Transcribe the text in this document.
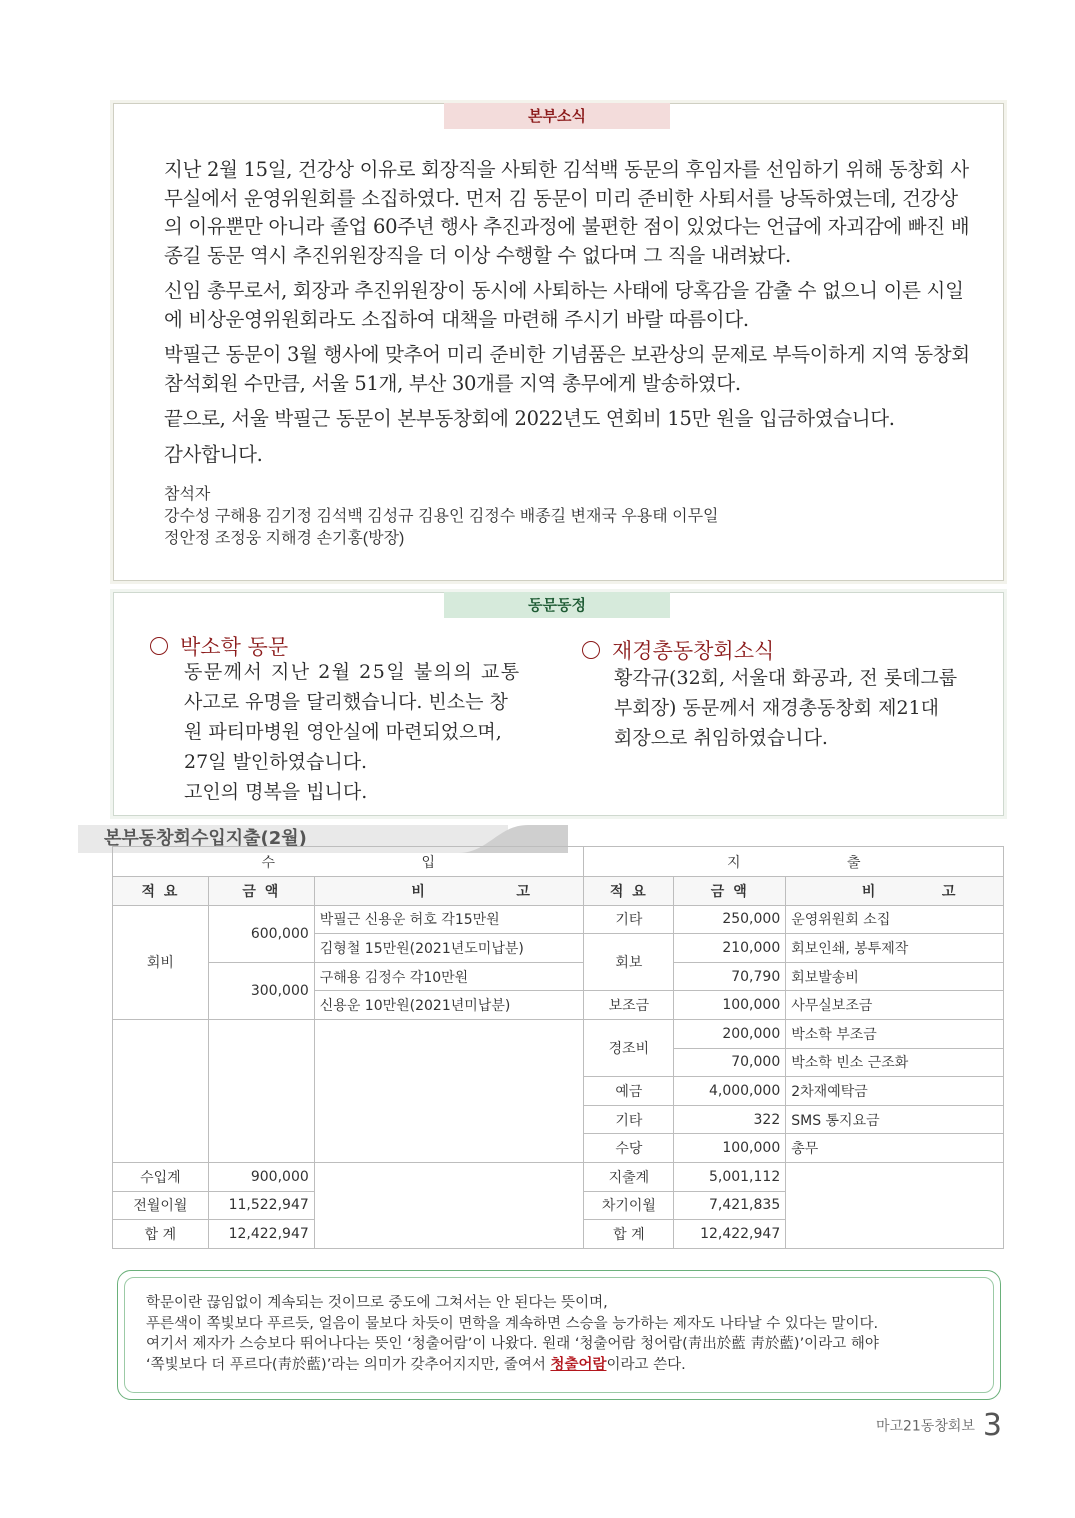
본부소식

지난 2월 15일, 건강상 이유로 회장직을 사퇴한 김석백 동문의 후임자를 선임하기 위해 동창회 사무실에서 운영위원회를 소집하였다. 먼저 김 동문이 미리 준비한 사퇴서를 낭독하였는데, 건강상의 이유뿐만 아니라 졸업 60주년 행사 추진과정에 불편한 점이 있었다는 언급에 자괴감에 빠진 배종길 동문 역시 추진위원장직을 더 이상 수행할 수 없다며 그 직을 내려놨다.

신임 총무로서, 회장과 추진위원장이 동시에 사퇴하는 사태에 당혹감을 감출 수 없으니 이른 시일에 비상운영위원회라도 소집하여 대책을 마련해 주시기 바랄 따름이다.

박필근 동문이 3월 행사에 맞추어 미리 준비한 기념품은 보관상의 문제로 부득이하게 지역 동창회 참석회원 수만큼, 서울 51개, 부산 30개를 지역 총무에게 발송하였다.

끝으로, 서울 박필근 동문이 본부동창회에 2022년도 연회비 15만 원을 입금하였습니다.

감사합니다.

참석자
강수성 구해용 김기정 김석백 김성규 김용인 김정수 배종길 변재국 우용태 이무일
정안정 조정웅 지해경 손기홍(방장)
동문동정
박소학 동문
동문께서 지난 2월 25일 불의의 교통
사고로 유명을 달리했습니다. 빈소는 창
원 파티마병원 영안실에 마련되었으며,
27일 발인하였습니다.
고인의 명복을 빕니다.
재경총동창회소식
황각규(32회, 서울대 화공과, 전 롯데그룹
부회장) 동문께서 재경총동창회 제21대
회장으로 취임하였습니다.
본부동창회수입지출(2월)
수 입			지 출		
적 요	금 액	비 고	적 요	금 액	비 고
회비	600,000	박필근 신용운 허호 각15만원	기타	250,000	운영위원회 소집
		김형철 15만원(2021년도미납분)	회보	210,000	회보인쇄, 봉투제작
	300,000	구해용 김정수 각10만원		70,790	회보발송비
		신용운 10만원(2021년미납분)	보조금	100,000	사무실보조금
			경조비	200,000	박소학 부조금
				70,000	박소학 빈소 근조화
			예금	4,000,000	2차재예탁금
			기타	322	SMS 통지요금
			수당	100,000	총무
수입계	900,000		지출계	5,001,112	
전월이월	11,522,947		차기이월	7,421,835	
합 계	12,422,947		합 계	12,422,947	
학문이란 끊임없이 계속되는 것이므로 중도에 그쳐서는 안 된다는 뜻이며,
푸른색이 쪽빛보다 푸르듯, 얼음이 물보다 차듯이 면학을 계속하면 스승을 능가하는 제자도 나타날 수 있다는 말이다.
여기서 제자가 스승보다 뛰어나다는 뜻인 ‘청출어람’이 나왔다. 원래 ‘청출어람 청어람(靑出於藍 靑於藍)’이라고 해야
‘쪽빛보다 더 푸르다(靑於藍)’라는 의미가 갖추어지지만, 줄여서 청출어람이라고 쓴다.
마고21동창회보 3
